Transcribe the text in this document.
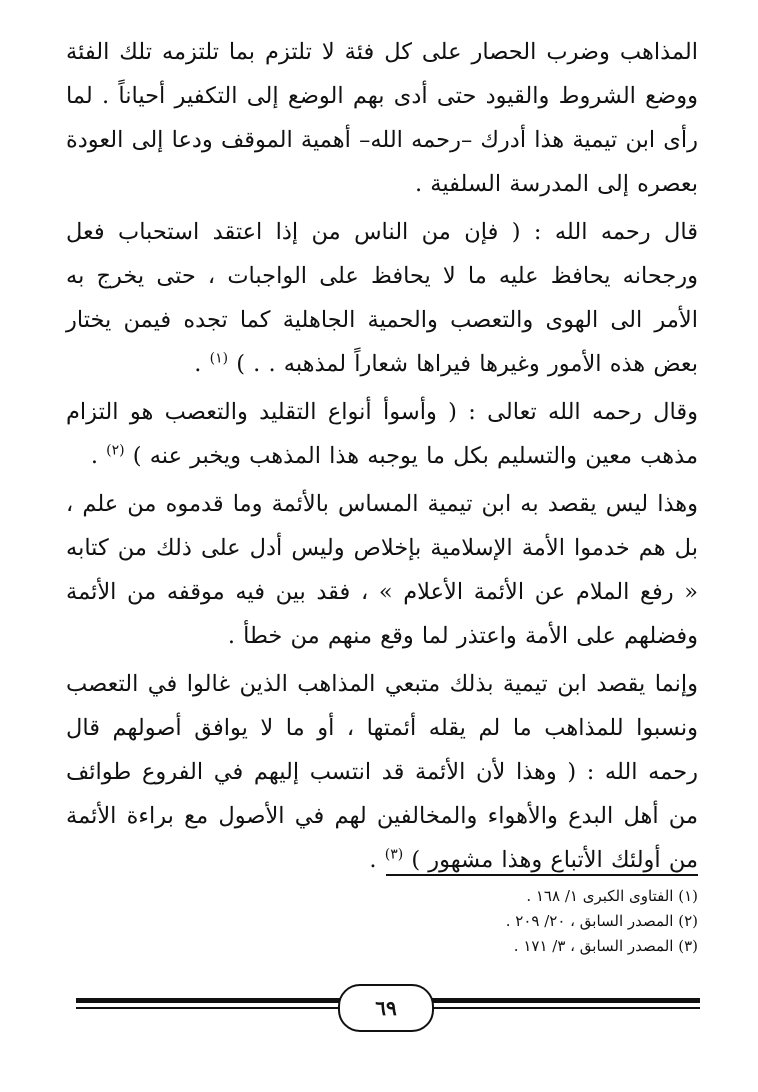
المذاهب وضرب الحصار على كل فئة لا تلتزم بما تلتزمه تلك الفئة ووضع الشروط والقيود حتى أدى بهم الوضع إلى التكفير أحياناً . لما رأى ابن تيمية هذا أدرك –رحمه الله– أهمية الموقف ودعا إلى العودة بعصره إلى المدرسة السلفية .

قال رحمه الله : ( فإن من الناس من إذا اعتقد استحباب فعل ورجحانه يحافظ عليه ما لا يحافظ على الواجبات ، حتى يخرج به الأمر الى الهوى والتعصب والحمية الجاهلية كما تجده فيمن يختار بعض هذه الأمور وغيرها فيراها شعاراً لمذهبه . . ) $^{(١)}$ .

وقال رحمه الله تعالى : ( وأسوأ أنواع التقليد والتعصب هو التزام مذهب معين والتسليم بكل ما يوجبه هذا المذهب ويخبر عنه ) $^{(٢)}$ .

وهذا ليس يقصد به ابن تيمية المساس بالأئمة وما قدموه من علم ، بل هم خدموا الأمة الإسلامية بإخلاص وليس أدل على ذلك من كتابه « رفع الملام عن الأئمة الأعلام » ، فقد بين فيه موقفه من الأئمة وفضلهم على الأمة واعتذر لما وقع منهم من خطأ .

وإنما يقصد ابن تيمية بذلك متبعي المذاهب الذين غالوا في التعصب ونسبوا للمذاهب ما لم يقله أئمتها ، أو ما لا يوافق أصولهم قال رحمه الله : ( وهذا لأن الأئمة قد انتسب إليهم في الفروع طوائف من أهل البدع والأهواء والمخالفين لهم في الأصول مع براءة الأئمة من أولئك الأتباع وهذا مشهور ) $^{(٣)}$ .

(١) الفتاوى الكبرى ١/ ١٦٨ .

(٢) المصدر السابق ، ٢٠/ ٢٠٩ .

(٣) المصدر السابق ، ٣/ ١٧١ .

٦٩
